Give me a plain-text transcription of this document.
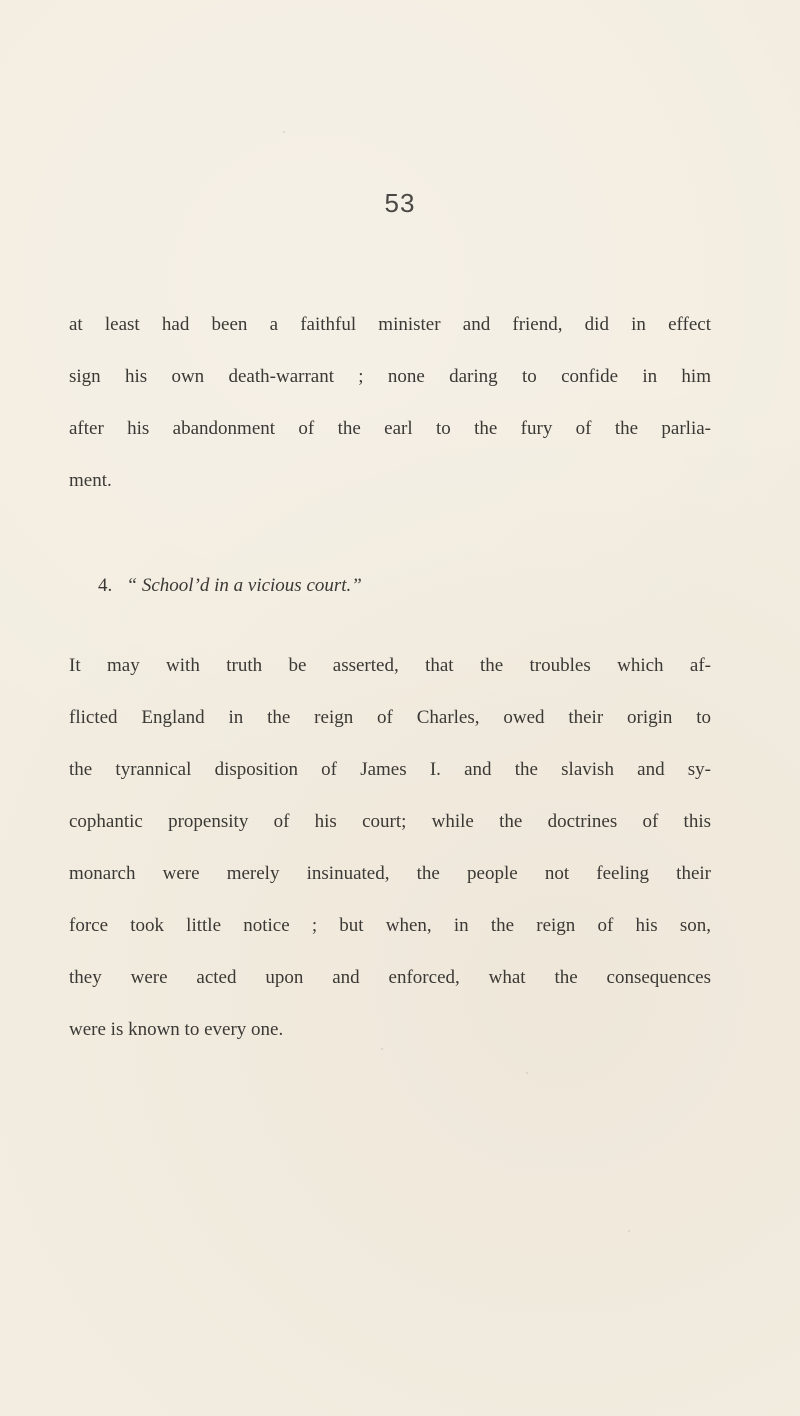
53
at least had been a faithful minister and friend, did in effect
sign his own death-warrant ; none daring to confide in him
after his abandonment of the earl to the fury of the parlia-
ment.
4. “ School’d in a vicious court.”
It may with truth be asserted, that the troubles which af-
flicted England in the reign of Charles, owed their origin to
the tyrannical disposition of James I. and the slavish and sy-
cophantic propensity of his court; while the doctrines of this
monarch were merely insinuated, the people not feeling their
force took little notice ; but when, in the reign of his son,
they were acted upon and enforced, what the consequences
were is known to every one.
